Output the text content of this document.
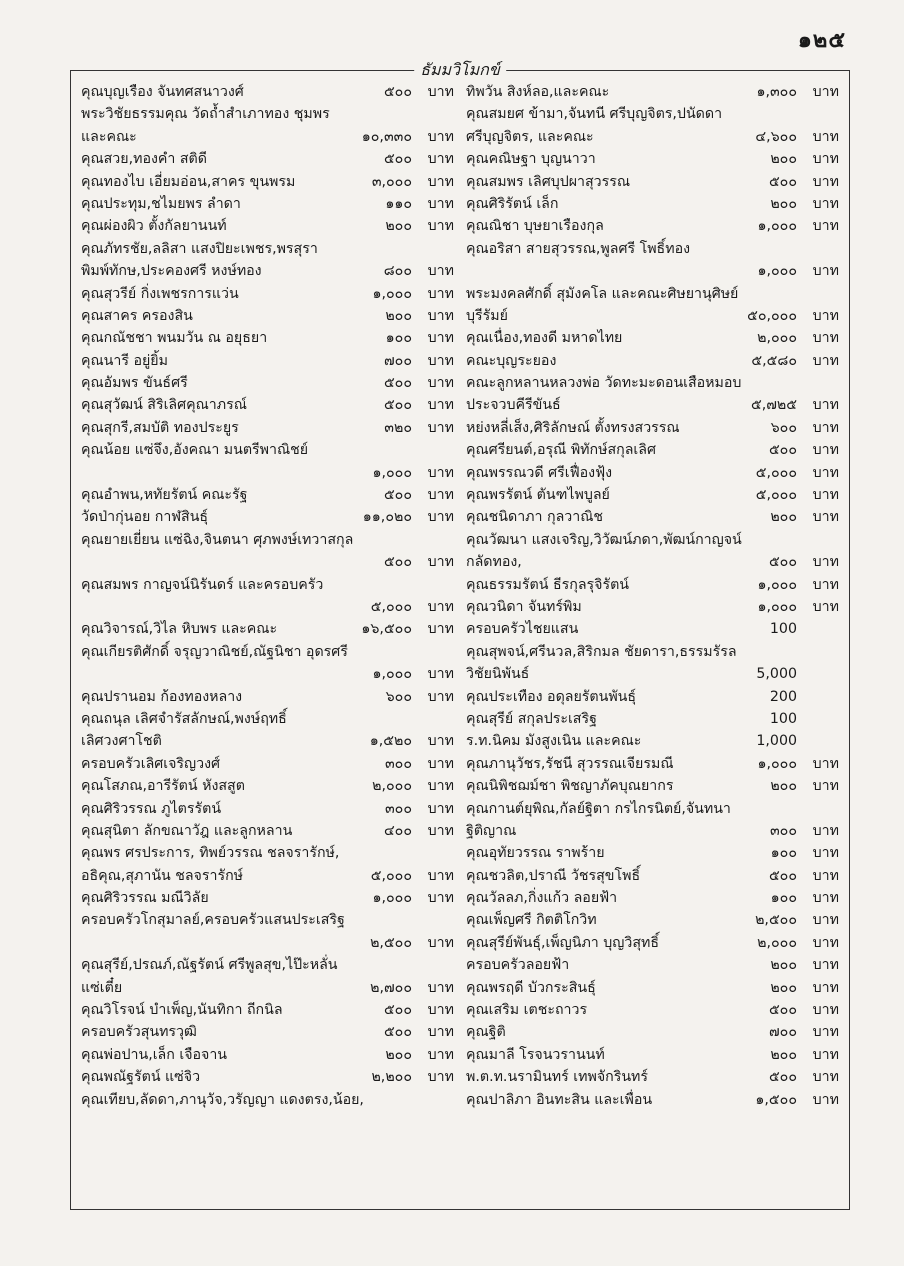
๑๒๕
ธัมมวิโมกข์
คุณบุญเรือง จันทศสนาวงศ์	๕๐๐ บาท
พระวิชัยธรรมคุณ วัดถ้ำสำเภาทอง ชุมพร
และคณะ	๑๐,๓๓๐ บาท
คุณสวย,ทองคำ สติดี	๕๐๐ บาท
คุณทองไบ เอี่ยมอ่อน,สาคร ขุนพรม	๓,๐๐๐ บาท
คุณประทุม,ชไมยพร ลำดา	๑๑๐ บาท
คุณผ่องผิว ตั้งกัลยานนท์	๒๐๐ บาท
คุณภัทรชัย,ลลิสา แสงปิยะเพชร,พรสุรา
พิมพ์ทักษ,ประคองศรี หงษ์ทอง	๘๐๐ บาท
คุณสุวรีย์ กิ่งเพชรการแว่น	๑,๐๐๐ บาท
คุณสาคร ครองสิน	๒๐๐ บาท
คุณกณัชชา พนมวัน ณ อยุธยา	๑๐๐ บาท
คุณนารี อยู่ยิ้ม	๗๐๐ บาท
คุณอัมพร ขันธ์ศรี	๕๐๐ บาท
คุณสุวัฒน์ สิริเลิศคุณาภรณ์	๕๐๐ บาท
คุณสุกรี,สมบัติ ทองประยูร	๓๒๐ บาท
คุณน้อย แซ่จึง,อังคณา มนตรีพาณิชย์
๑,๐๐๐ บาท
คุณอำพน,หทัยรัตน์ คณะรัฐ	๕๐๐ บาท
วัดป่ากุ่นอย กาฬสินธุ์	๑๑,๐๒๐ บาท
คุณยายเยี่ยน แซ่ฉิง,จินตนา ศุภพงษ์เทวาสกุล
๕๐๐ บาท
คุณสมพร กาญจน์นิรันดร์ และครอบครัว
๕,๐๐๐ บาท
คุณวิจารณ์,วิไล หิบพร และคณะ	๑๖,๕๐๐ บาท
คุณเกียรติศักดิ์ จรุญวาณิชย์,ณัฐนิชา อุดรศรี
๑,๐๐๐ บาท
คุณปรานอม ก้องทองหลาง	๖๐๐ บาท
คุณถนุล เลิศจำรัสลักษณ์,พงษ์ฤทธิ์
เลิศวงศาโชติ	๑,๕๒๐ บาท
ครอบครัวเลิศเจริญวงศ์	๓๐๐ บาท
คุณโสภณ,อารีรัตน์ หังสสูต	๒,๐๐๐ บาท
คุณศิริวรรณ ภูไตรรัตน์	๓๐๐ บาท
คุณสุนิตา ลักขณาวัฎ และลูกหลาน	๔๐๐ บาท
คุณพร ศรประการ, ทิพย์วรรณ ชลจรารักษ์,
อธิคุณ,สุภานัน ชลจรารักษ์	๕,๐๐๐ บาท
คุณศิริวรรณ มณีวิลัย	๑,๐๐๐ บาท
ครอบครัวโกสุมาลย์,ครอบครัวแสนประเสริฐ
๒,๕๐๐ บาท
คุณสุรีย์,ปรณภ์,ณัฐรัตน์ ศรีพูลสุข,ไป๊ะหลั่น
แซ่เตี๋ย	๒,๗๐๐ บาท
คุณวิโรจน์ บำเพ็ญ,นันทิกา ถีกนิล	๕๐๐ บาท
ครอบครัวสุนทรวุฒิ	๕๐๐ บาท
คุณพ่อปาน,เล็ก เจือจาน	๒๐๐ บาท
คุณพณัฐรัตน์ แซ่จิว	๒,๒๐๐ บาท
คุณเทียบ,ลัดดา,ภานุวัจ,วรัญญา แดงตรง,น้อย,
ทิพวัน สิงห์ลอ,และคณะ	๑,๓๐๐ บาท
คุณสมยศ ข้ามา,จันทนี ศรีบุญจิตร,ปนัดดา
ศรีบุญจิตร, และคณะ	๔,๖๐๐ บาท
คุณคณิษฐา บุญนาวา	๒๐๐ บาท
คุณสมพร เลิศบุปผาสุวรรณ	๕๐๐ บาท
คุณศิริรัตน์ เล็ก	๒๐๐ บาท
คุณณิชา บุษยาเรืองกุล	๑,๐๐๐ บาท
คุณอริสา สายสุวรรณ,พูลศรี โพธิ์ทอง
๑,๐๐๐ บาท
พระมงคลศักดิ์ สุมังคโล และคณะศิษยานุศิษย์
บุรีรัมย์	๕๐,๐๐๐ บาท
คุณเนื่อง,ทองดี มหาดไทย	๒,๐๐๐ บาท
คณะบุญระยอง	๕,๕๘๐ บาท
คณะลูกหลานหลวงพ่อ วัดทะมะดอนเสือหมอบ
ประจวบคีรีขันธ์	๕,๗๒๕ บาท
หย่งหลี่เส็ง,ศิริลักษณ์ ตั้งทรงสวรรณ	๖๐๐ บาท
คุณศรียนต์,อรุณี พิทักษ์สกุลเลิศ	๕๐๐ บาท
คุณพรรณวดี ศรีเฟื่องฟุ้ง	๕,๐๐๐ บาท
คุณพรรัตน์ ตันฑไพบูลย์	๕,๐๐๐ บาท
คุณชนิดาภา กุลวาณิช	๒๐๐ บาท
คุณวัฒนา แสงเจริญ,วิวัฒน์ภดา,พัฒน์กาญจน์
กลัดทอง,	๕๐๐ บาท
คุณธรรมรัตน์ ธีรกุลรุจิรัตน์	๑,๐๐๐ บาท
คุณวนิดา จันทร์พิม	๑,๐๐๐ บาท
ครอบครัวไชยแสน	100
คุณสุพจน์,ศรีนวล,สิริกมล ชัยดารา,ธรรมรัรล
วิชัยนิพันธ์	5,000
คุณประเทือง อดุลยรัตนพันธุ์	200
คุณสุรีย์ สกุลประเสริฐ	100
ร.ท.นิคม มังสูงเนิน และคณะ	1,000
คุณภานุวัชร,รัชนี สุวรรณเจียรมณี	๑,๐๐๐ บาท
คุณนิพิชฌม์ชา พิชญาภัคบุณยากร	๒๐๐ บาท
คุณกานต์ยุพิณ,กัลย์ฐิตา กรไกรนิตย์,จันทนา
ฐิติญาณ	๓๐๐ บาท
คุณอุทัยวรรณ ราพร้าย	๑๐๐ บาท
คุณชวลิต,ปราณี วัชรสุขโพธิ์	๕๐๐ บาท
คุณวัลลภ,กิ่งแก้ว ลอยฟ้า	๑๐๐ บาท
คุณเพ็ญศรี กิตติโกวิท	๒,๕๐๐ บาท
คุณสุรีย์พันธุ์,เพ็ญนิภา บุญวิสุทธิ์	๒,๐๐๐ บาท
ครอบครัวลอยฟ้า	๒๐๐ บาท
คุณพรฤดี บัวกระสินธุ์	๒๐๐ บาท
คุณเสริม เตชะถาวร	๕๐๐ บาท
คุณฐิติ	๗๐๐ บาท
คุณมาลี โรจนวรานนท์	๒๐๐ บาท
พ.ต.ท.นรามินทร์ เทพจักรินทร์	๕๐๐ บาท
คุณปาลิภา อินทะสิน และเพื่อน	๑,๕๐๐ บาท
